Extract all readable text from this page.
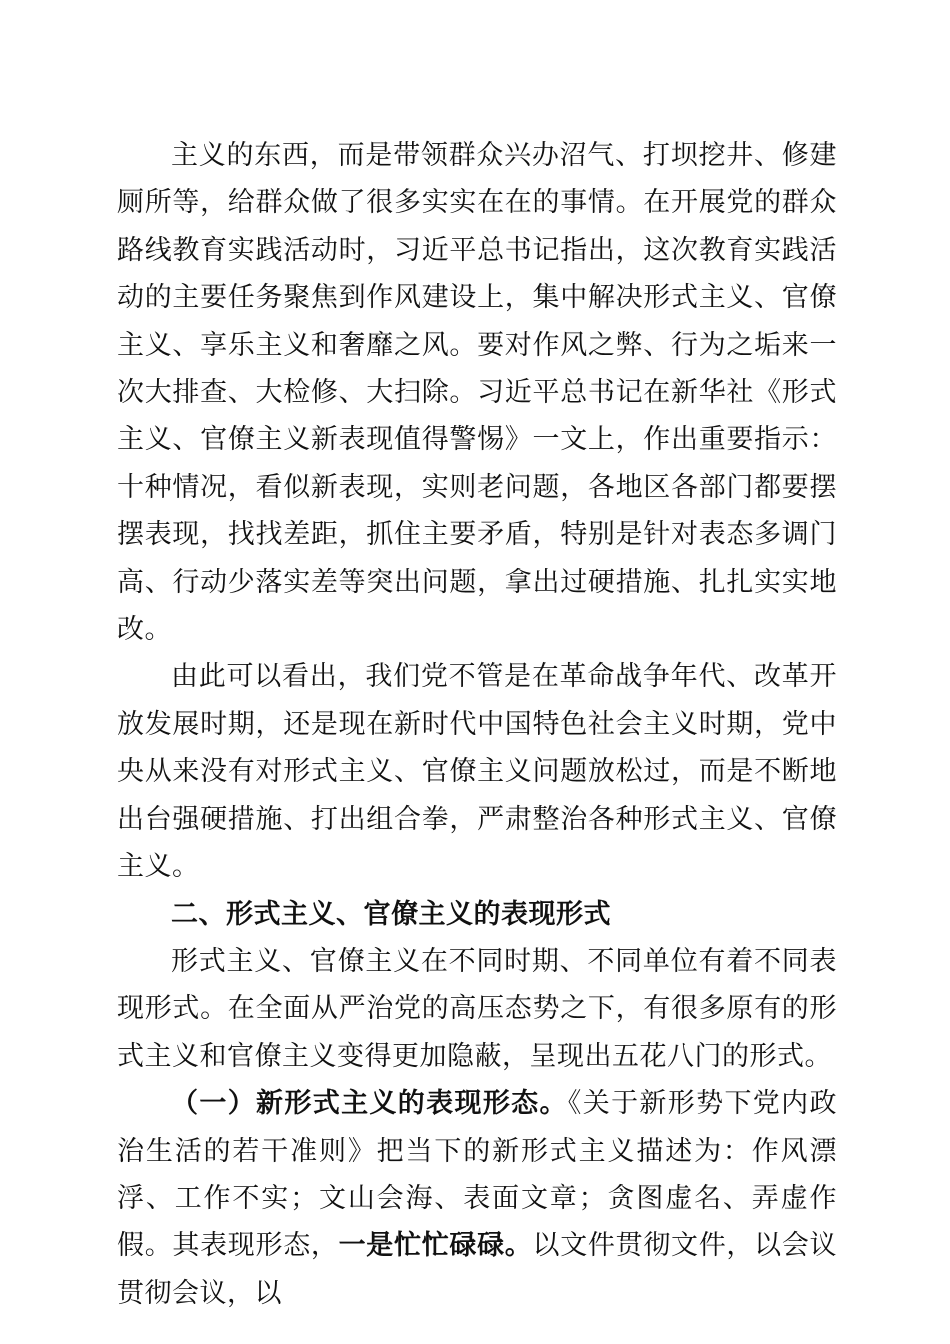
主义的东西，而是带领群众兴办沼气、打坝挖井、修建厕所等，给群众做了很多实实在在的事情。在开展党的群众路线教育实践活动时，习近平总书记指出，这次教育实践活动的主要任务聚焦到作风建设上，集中解决形式主义、官僚主义、享乐主义和奢靡之风。要对作风之弊、行为之垢来一次大排查、大检修、大扫除。习近平总书记在新华社《形式主义、官僚主义新表现值得警惕》一文上，作出重要指示：十种情况，看似新表现，实则老问题，各地区各部门都要摆摆表现，找找差距，抓住主要矛盾，特别是针对表态多调门高、行动少落实差等突出问题，拿出过硬措施、扎扎实实地改。

由此可以看出，我们党不管是在革命战争年代、改革开放发展时期，还是现在新时代中国特色社会主义时期，党中央从来没有对形式主义、官僚主义问题放松过，而是不断地出台强硬措施、打出组合拳，严肃整治各种形式主义、官僚主义。

二、形式主义、官僚主义的表现形式

形式主义、官僚主义在不同时期、不同单位有着不同表现形式。在全面从严治党的高压态势之下，有很多原有的形式主义和官僚主义变得更加隐蔽，呈现出五花八门的形式。

（一）新形式主义的表现形态。《关于新形势下党内政治生活的若干准则》把当下的新形式主义描述为：作风漂浮、工作不实；文山会海、表面文章；贪图虚名、弄虚作假。其表现形态，一是忙忙碌碌。以文件贯彻文件，以会议贯彻会议，以
